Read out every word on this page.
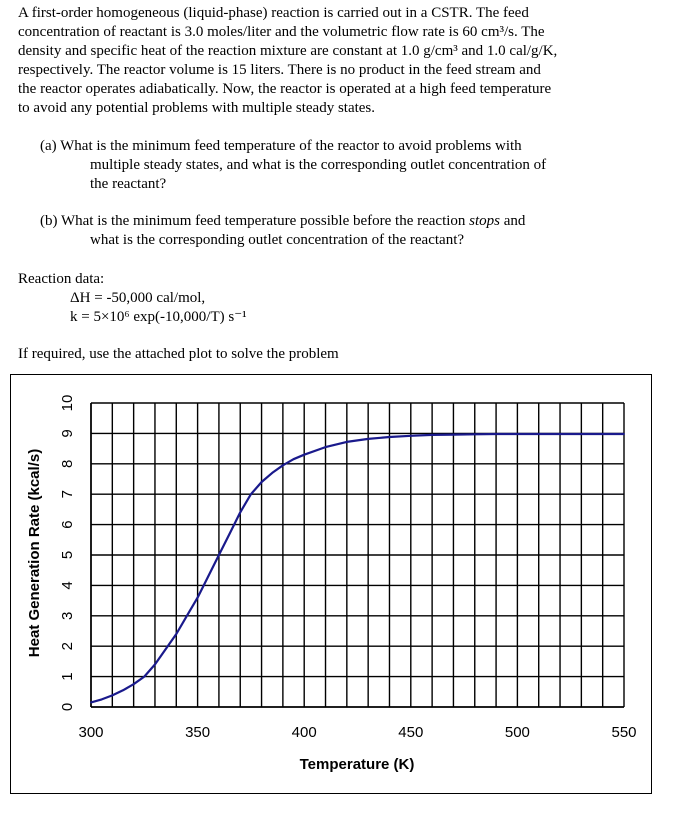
A first-order homogeneous (liquid-phase) reaction is carried out in a CSTR. The feed
concentration of reactant is 3.0 moles/liter and the volumetric flow rate is 60 cm³/s. The
density and specific heat of the reaction mixture are constant at 1.0 g/cm³ and 1.0 cal/g/K,
respectively. The reactor volume is 15 liters. There is no product in the feed stream and
the reactor operates adiabatically. Now, the reactor is operated at a high feed temperature
to avoid any potential problems with multiple steady states.
(a) What is the minimum feed temperature of the reactor to avoid problems with
multiple steady states, and what is the corresponding outlet concentration of
the reactant?
(b) What is the minimum feed temperature possible before the reaction stops and
what is the corresponding outlet concentration of the reactant?
Reaction data:
ΔH = -50,000 cal/mol,
k = 5×10⁶ exp(-10,000/T) s⁻¹
If required, use the attached plot to solve the problem
300	350	400	450	500	550
0
1
2
3
4
5
6
7
8
9
10
Temperature (K)
Heat Generation Rate (kcal/s)
